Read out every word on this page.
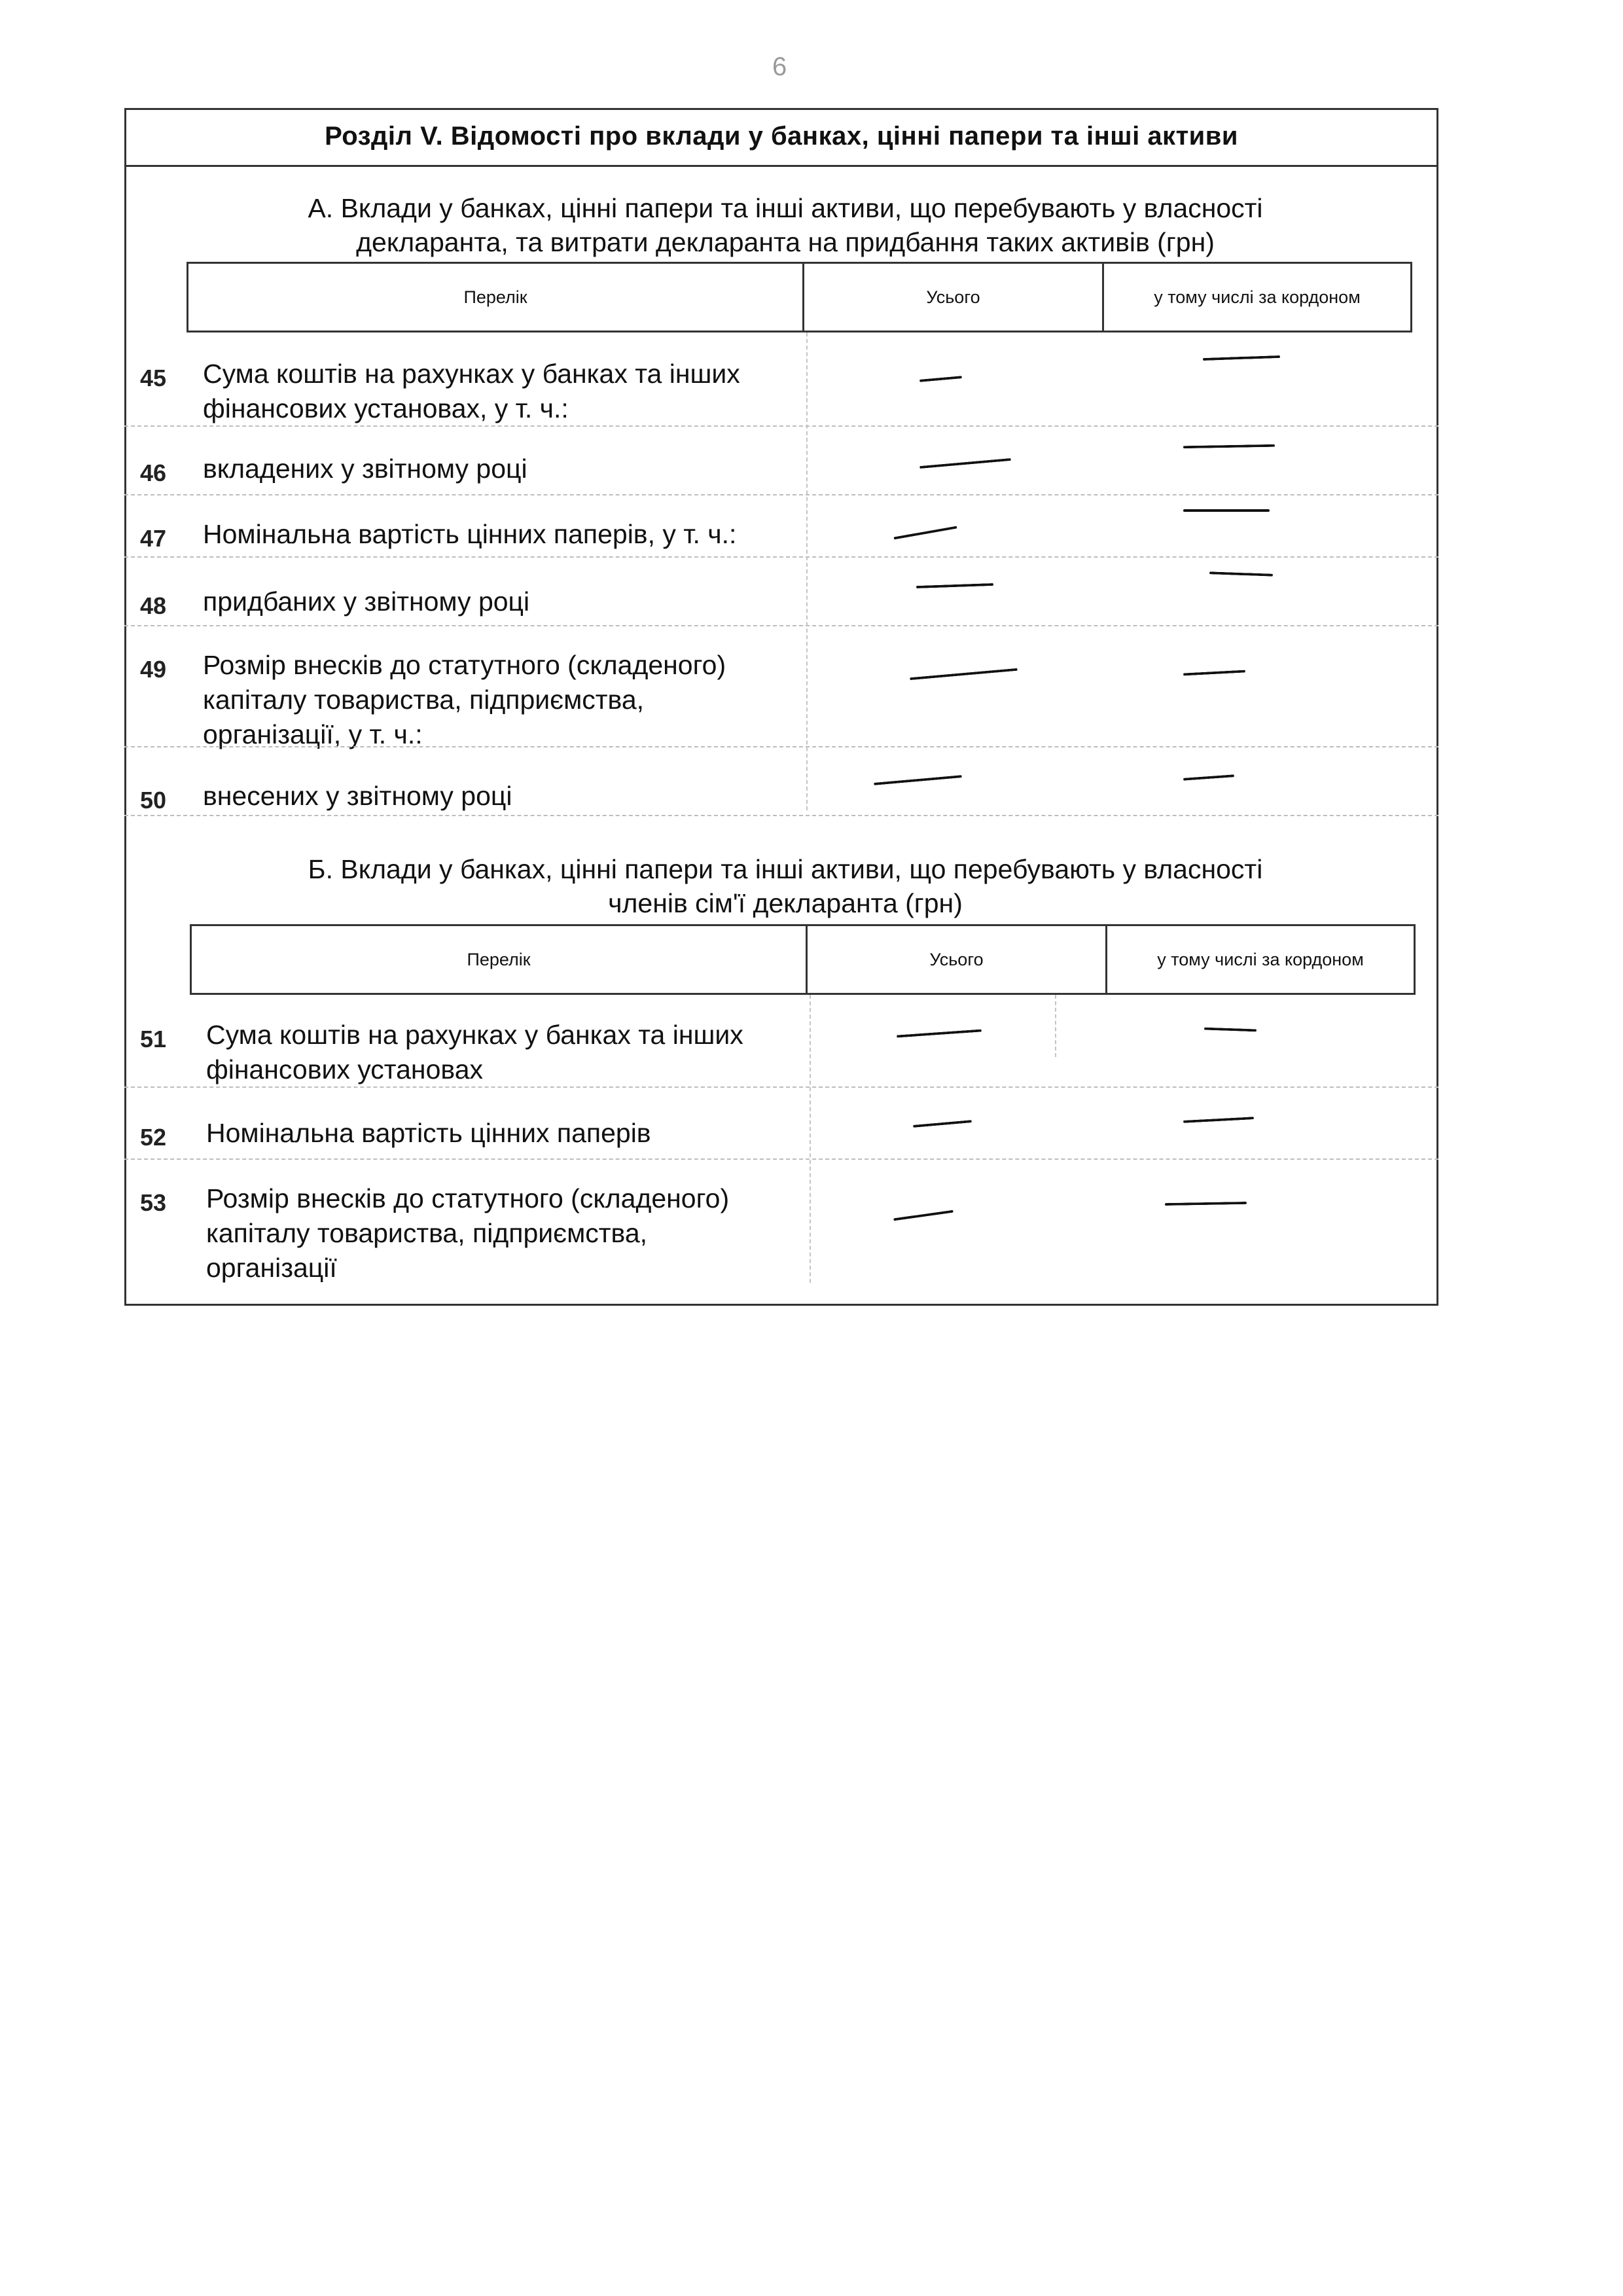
6
Розділ V. Відомості про вклади у банках, цінні папери та інші активи
А. Вклади у банках, цінні папери та інші активи, що перебувають у власності
декларанта, та витрати декларанта на придбання таких активів (грн)
Перелік	Усього	у тому числі за кордоном
45 Сума коштів на рахунках у банках та інших фінансових установах, у т. ч.:
46 вкладених у звітному році
47 Номінальна вартість цінних паперів, у т. ч.:
48 придбаних у звітному році
49 Розмір внесків до статутного (складеного) капіталу товариства, підприємства, організації, у т. ч.:
50 внесених у звітному році
Б. Вклади у банках, цінні папери та інші активи, що перебувають у власності
членів сім'ї декларанта (грн)
Перелік	Усього	у тому числі за кордоном
51 Сума коштів на рахунках у банках та інших фінансових установах
52 Номінальна вартість цінних паперів
53 Розмір внесків до статутного (складеного) капіталу товариства, підприємства, організації
